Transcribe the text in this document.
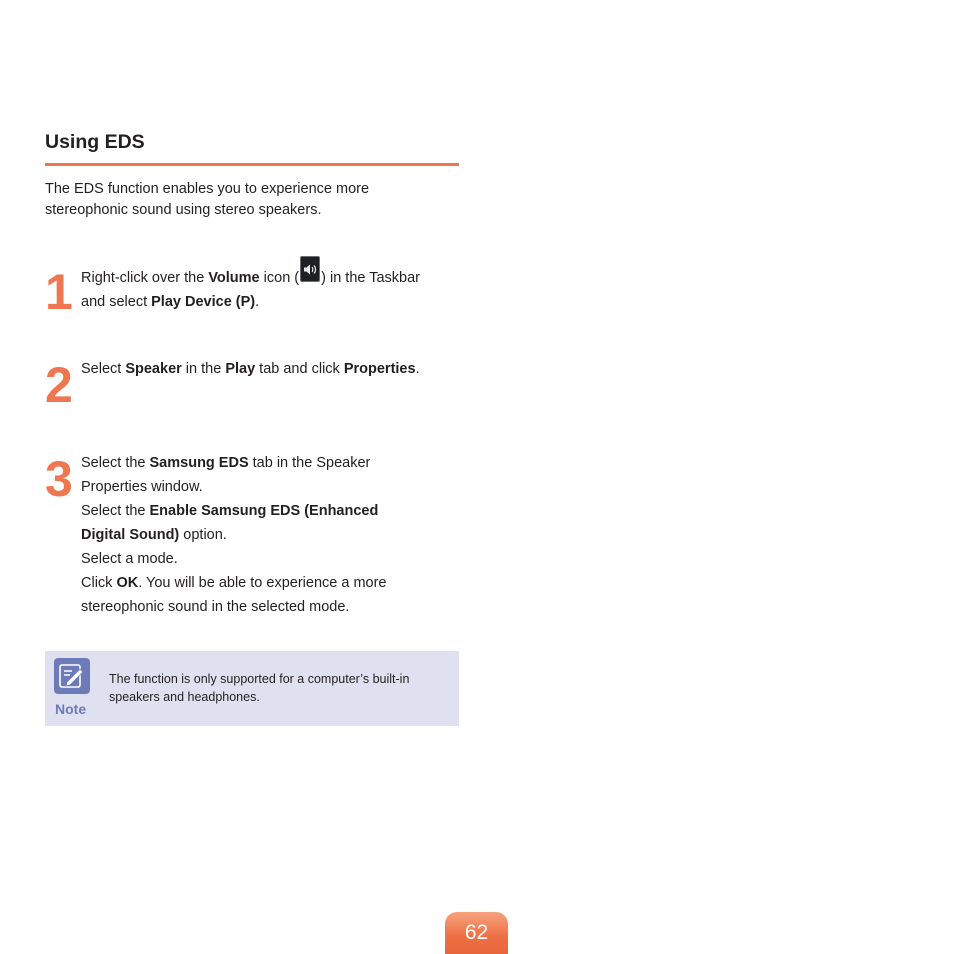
Using EDS

The EDS function enables you to experience more
stereophonic sound using stereo speakers.

1 Right-click over the Volume icon ( ) in the Taskbar
and select Play Device (P).
2 Select Speaker in the Play tab and click Properties.
3 Select the Samsung EDS tab in the Speaker
Properties window.
Select the Enable Samsung EDS (Enhanced
Digital Sound) option.
Select a mode.
Click OK. You will be able to experience a more
stereophonic sound in the selected mode.
Note
The function is only supported for a computer’s built-in
speakers and headphones.
62
